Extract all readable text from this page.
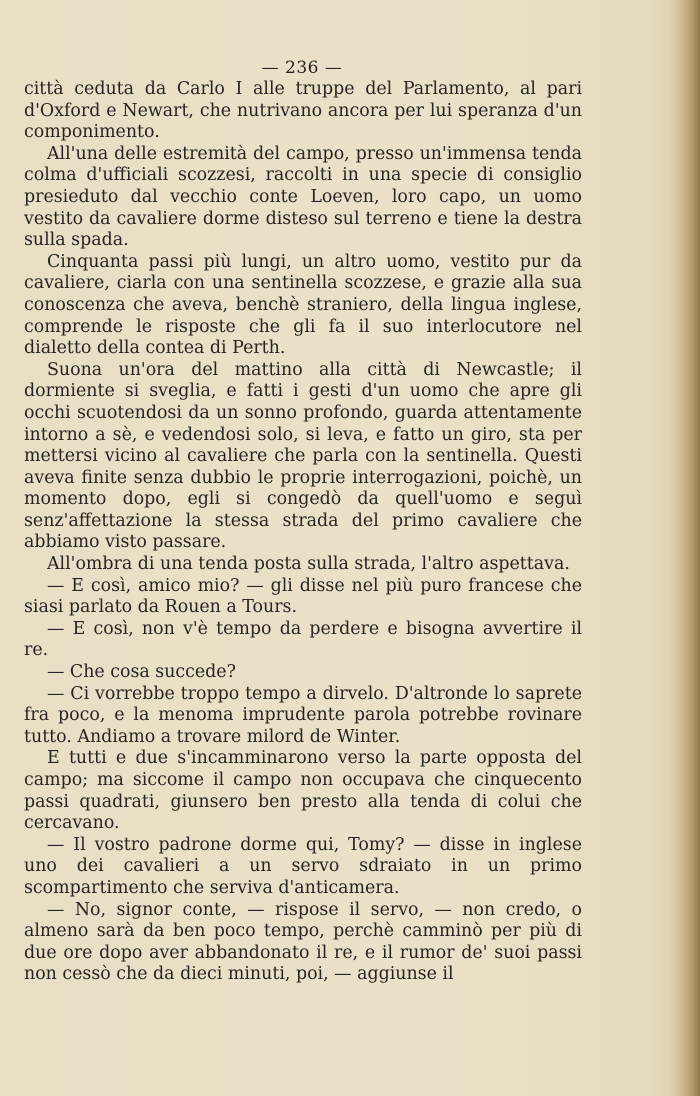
— 236 —

città ceduta da Carlo I alle truppe del Parlamento, al pari d'Oxford e Newart, che nutrivano ancora per lui speranza d'un componimento.

All'una delle estremità del campo, presso un'immensa tenda colma d'ufficiali scozzesi, raccolti in una specie di consiglio presieduto dal vecchio conte Loeven, loro capo, un uomo vestito da cavaliere dorme disteso sul terreno e tiene la destra sulla spada.

Cinquanta passi più lungi, un altro uomo, vestito pur da cavaliere, ciarla con una sentinella scozzese, e grazie alla sua conoscenza che aveva, benchè straniero, della lingua inglese, comprende le risposte che gli fa il suo interlocutore nel dialetto della contea di Perth.

Suona un'ora del mattino alla città di Newcastle; il dormiente si sveglia, e fatti i gesti d'un uomo che apre gli occhi scuotendosi da un sonno profondo, guarda attentamente intorno a sè, e vedendosi solo, si leva, e fatto un giro, sta per mettersi vicino al cavaliere che parla con la sentinella. Questi aveva finite senza dubbio le proprie interrogazioni, poichè, un momento dopo, egli si congedò da quell'uomo e seguì senz'affettazione la stessa strada del primo cavaliere che abbiamo visto passare.

All'ombra di una tenda posta sulla strada, l'altro aspettava.

— E così, amico mio? — gli disse nel più puro francese che siasi parlato da Rouen a Tours.

— E così, non v'è tempo da perdere e bisogna avvertire il re.

— Che cosa succede?

— Ci vorrebbe troppo tempo a dirvelo. D'altronde lo saprete fra poco, e la menoma imprudente parola potrebbe rovinare tutto. Andiamo a trovare milord de Winter.

E tutti e due s'incamminarono verso la parte opposta del campo; ma siccome il campo non occupava che cinquecento passi quadrati, giunsero ben presto alla tenda di colui che cercavano.

— Il vostro padrone dorme qui, Tomy? — disse in inglese uno dei cavalieri a un servo sdraiato in un primo scompartimento che serviva d'anticamera.

— No, signor conte, — rispose il servo, — non credo, o almeno sarà da ben poco tempo, perchè camminò per più di due ore dopo aver abbandonato il re, e il rumor de' suoi passi non cessò che da dieci minuti, poi, — aggiunse il
